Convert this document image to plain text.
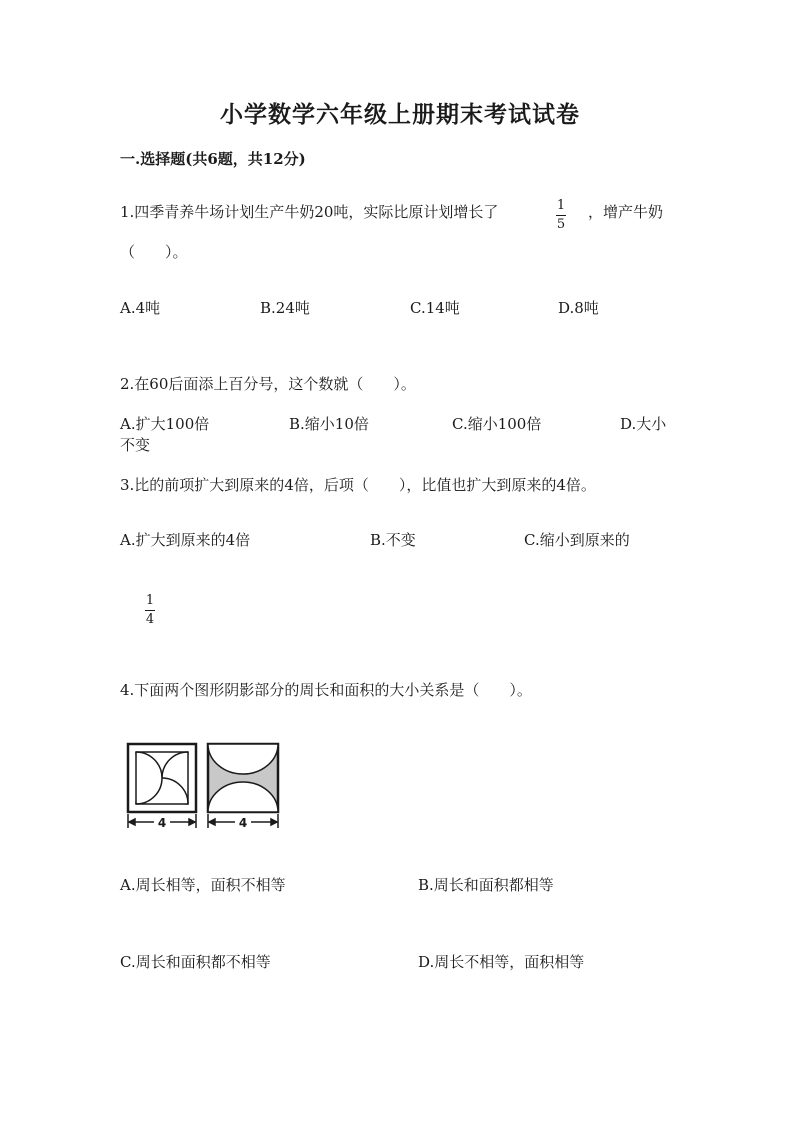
小学数学六年级上册期末考试试卷
一.选择题(共6题，共12分)
1.四季青养牛场计划生产牛奶20吨，实际比原计划增长了	1
5
，增产牛奶
（　　）。
A.4吨	B.24吨	C.14吨	D.8吨
2.在60后面添上百分号，这个数就（　　）。
A.扩大100倍	B.缩小10倍	C.缩小100倍	D.大小
不变
3.比的前项扩大到原来的4倍，后项（　　），比值也扩大到原来的4倍。
A.扩大到原来的4倍	B.不变	C.缩小到原来的
1
4
4.下面两个图形阴影部分的周长和面积的大小关系是（　　）。
4	4
A.周长相等，面积不相等	B.周长和面积都相等
C.周长和面积都不相等	D.周长不相等，面积相等
